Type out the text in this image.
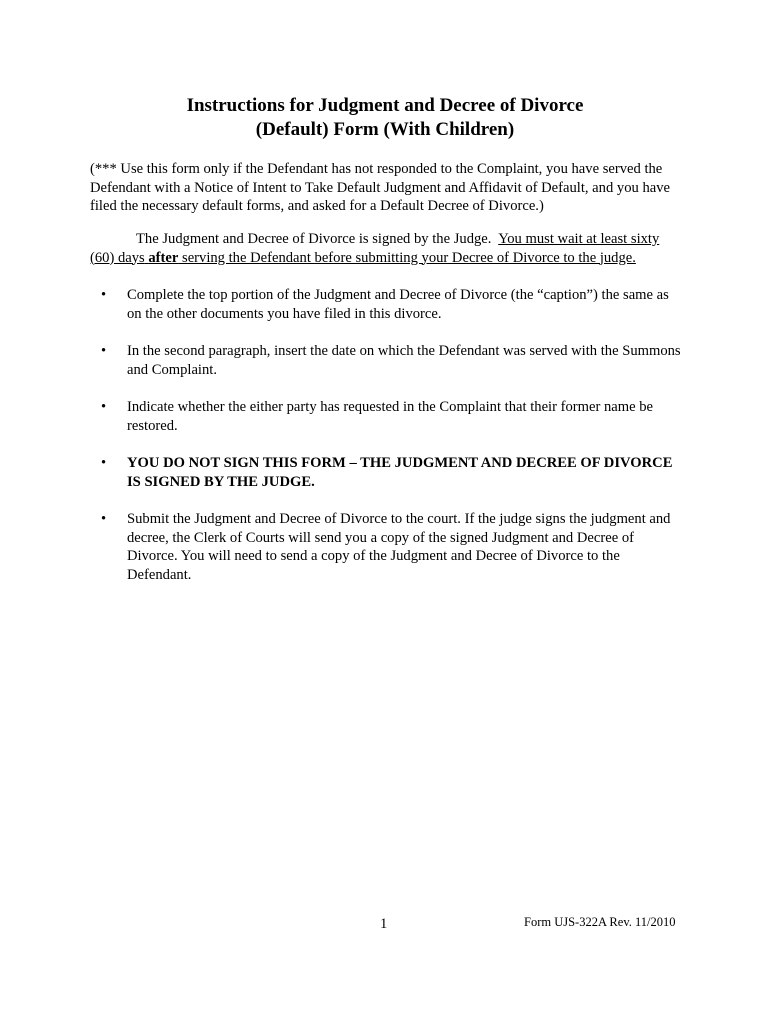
Instructions for Judgment and Decree of Divorce
(Default) Form (With Children)
(*** Use this form only if the Defendant has not responded to the Complaint, you have served the Defendant with a Notice of Intent to Take Default Judgment and Affidavit of Default, and you have filed the necessary default forms, and asked for a Default Decree of Divorce.)
The Judgment and Decree of Divorce is signed by the Judge. You must wait at least sixty (60) days after serving the Defendant before submitting your Decree of Divorce to the judge.
• Complete the top portion of the Judgment and Decree of Divorce (the “caption”) the same as on the other documents you have filed in this divorce.
• In the second paragraph, insert the date on which the Defendant was served with the Summons and Complaint.
• Indicate whether the either party has requested in the Complaint that their former name be restored.
• YOU DO NOT SIGN THIS FORM – THE JUDGMENT AND DECREE OF DIVORCE IS SIGNED BY THE JUDGE.
• Submit the Judgment and Decree of Divorce to the court. If the judge signs the judgment and decree, the Clerk of Courts will send you a copy of the signed Judgment and Decree of Divorce. You will need to send a copy of the Judgment and Decree of Divorce to the Defendant.
1	Form UJS-322A Rev. 11/2010
